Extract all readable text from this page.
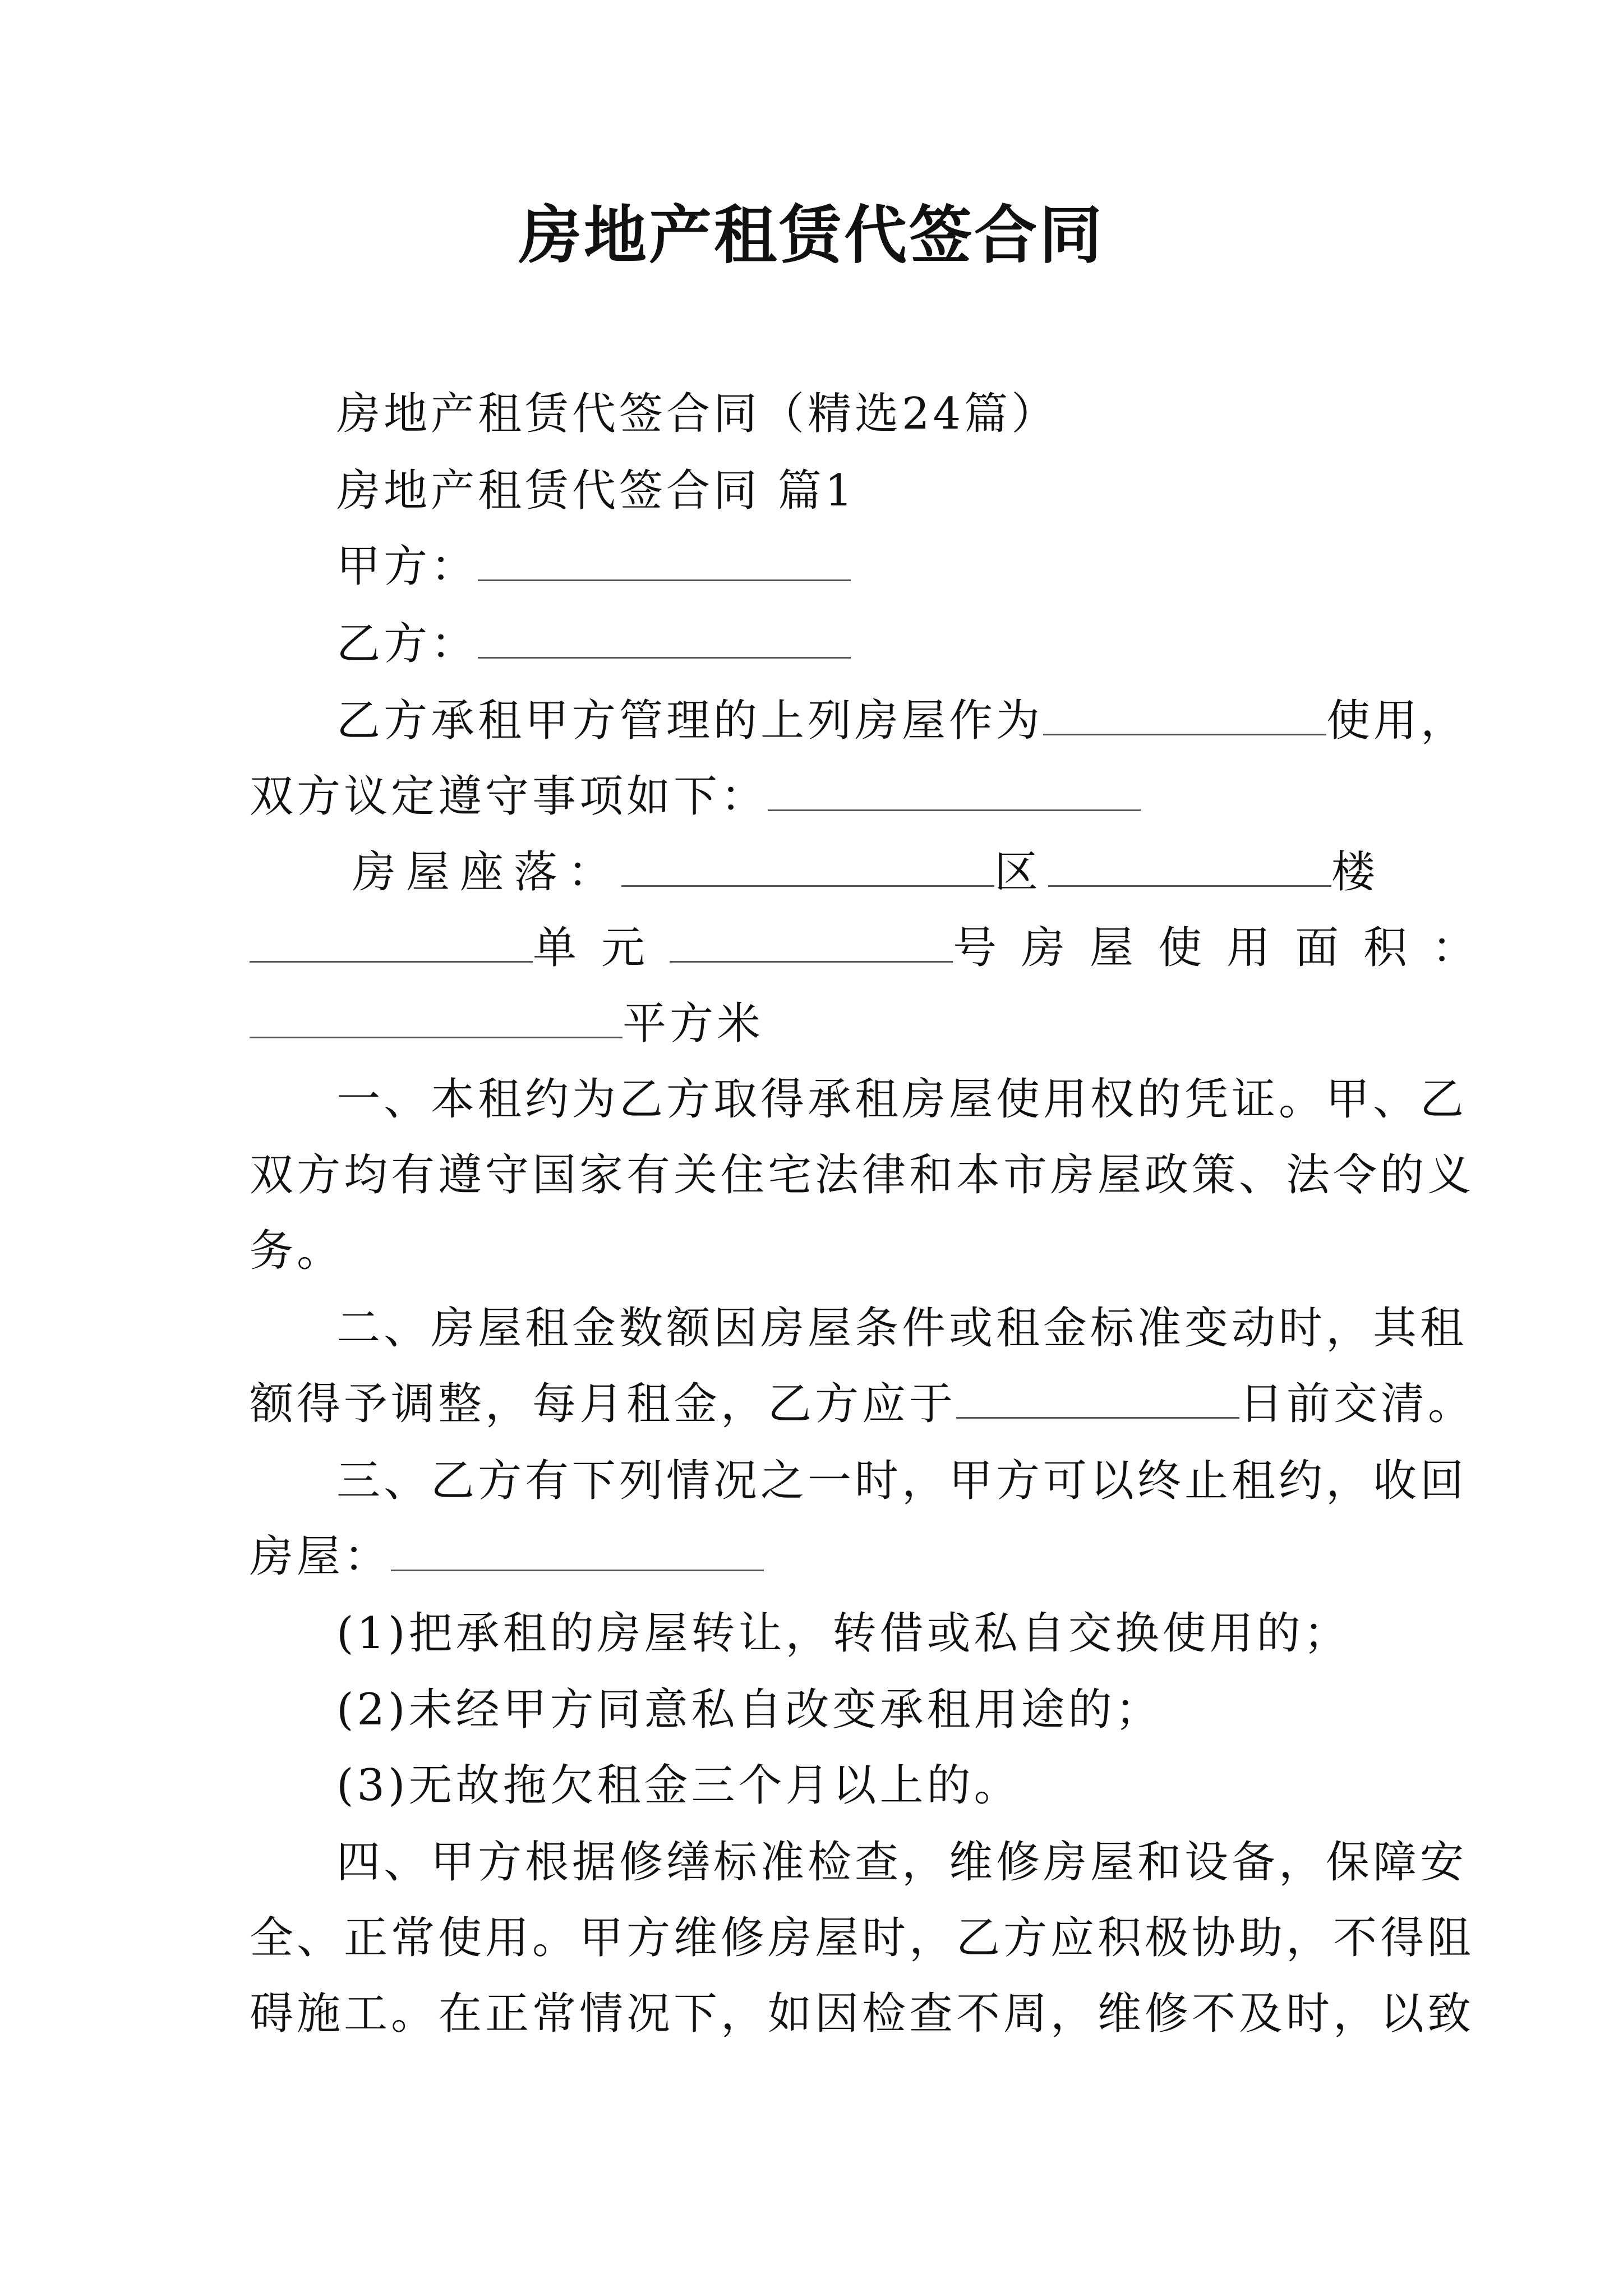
房地产租赁代签合同
房地产租赁代签合同（精选24篇）
房地产租赁代签合同 篇1
甲方：
乙方：
乙方承租甲方管理的上列房屋作为	使用，
双方议定遵守事项如下：
房屋座落：	区	楼
单元	号房屋使用面积：
平方米
一、本租约为乙方取得承租房屋使用权的凭证。甲、乙
双方均有遵守国家有关住宅法律和本市房屋政策、法令的义
务。
二、房屋租金数额因房屋条件或租金标准变动时，其租
额得予调整，每月租金，乙方应于	日前交清。
三、乙方有下列情况之一时，甲方可以终止租约，收回
房屋：
(1)把承租的房屋转让，转借或私自交换使用的；
(2)未经甲方同意私自改变承租用途的；
(3)无故拖欠租金三个月以上的。
四、甲方根据修缮标准检查，维修房屋和设备，保障安
全、正常使用。甲方维修房屋时，乙方应积极协助，不得阻
碍施工。在正常情况下，如因检查不周，维修不及时，以致
